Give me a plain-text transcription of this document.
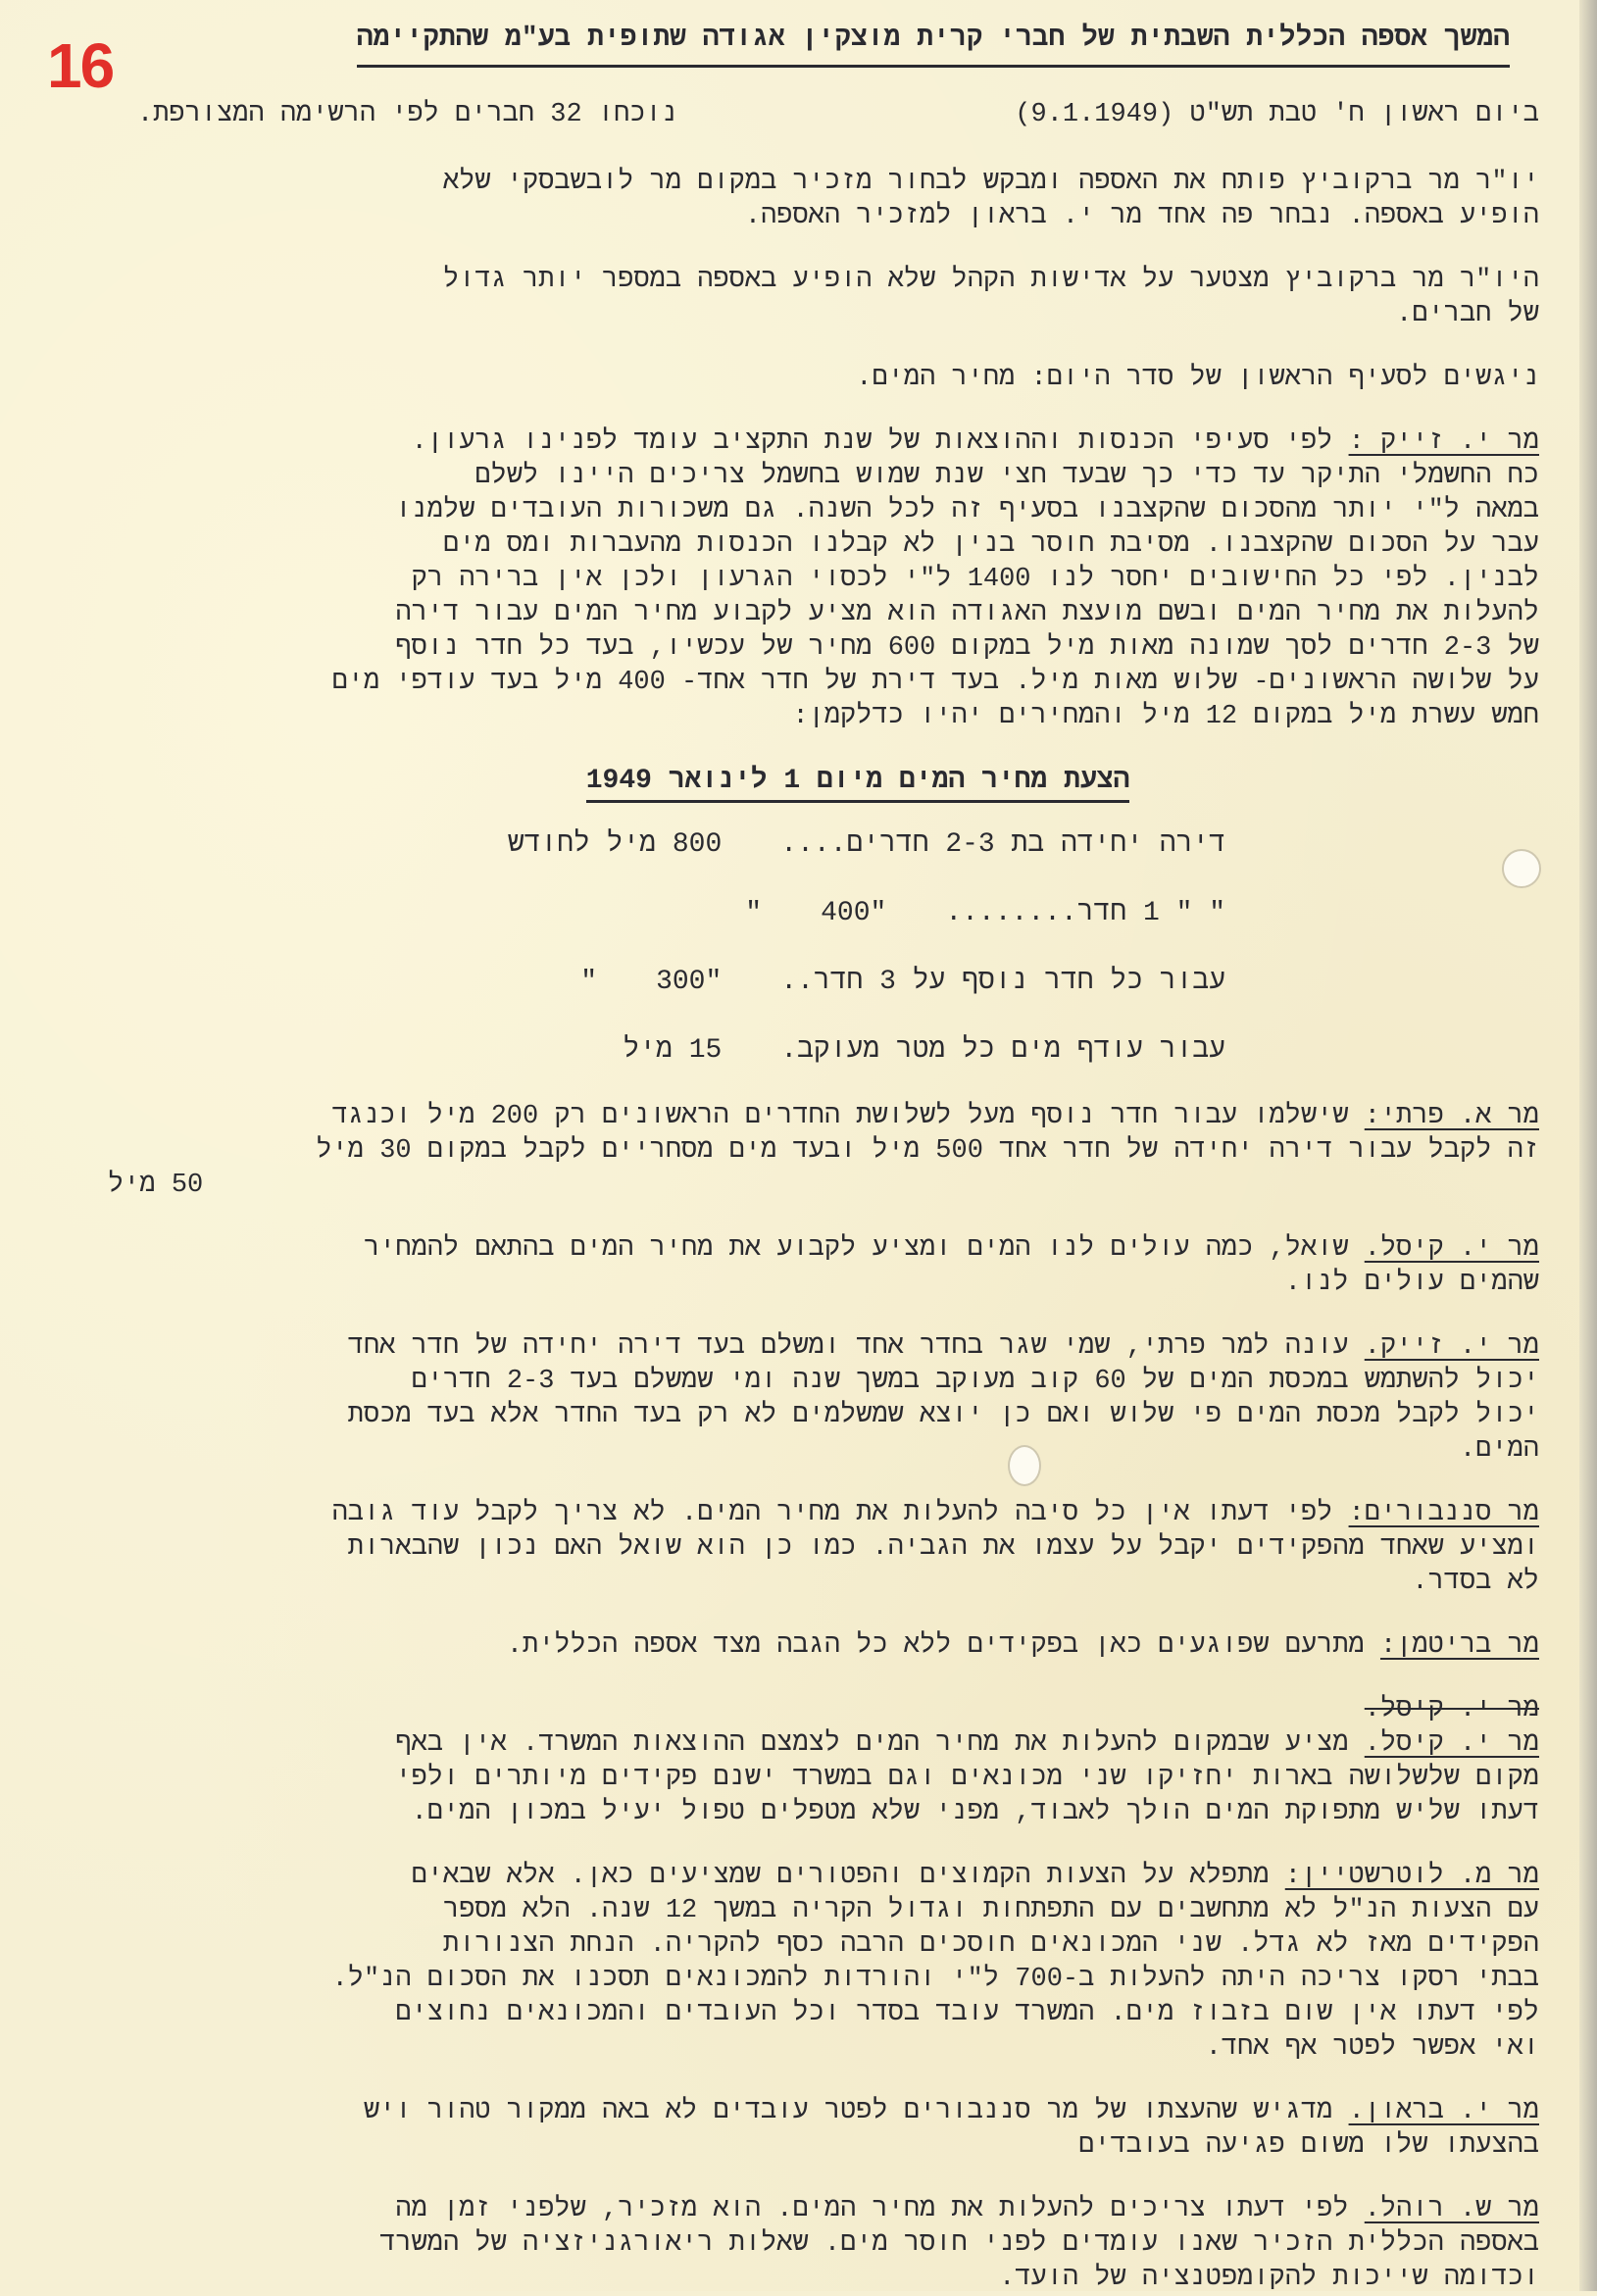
16	המשך אספה הכללית השבתית של חברי קרית מוצקין אגודה שתופית בע"מ שהתקיימה
ביום ראשון ח' טבת תש"ט (9.1.1949)
נוכחו 32 חברים לפי הרשימה המצורפת.

יו"ר מר ברקוביץ פותח את האספה ומבקש לבחור מזכיר במקום מר לובשבסקי שלא

הופיע באספה. נבחר פה אחד מר י. בראון למזכיר האספה.

היו"ר מר ברקוביץ מצטער על אדישות הקהל שלא הופיע באספה במספר יותר גדול

של חברים.

ניגשים לסעיף הראשון של סדר היום: מחיר המים.

מר י. זייק : לפי סעיפי הכנסות וההוצאות של שנת התקציב עומד לפנינו גרעון.

כח החשמלי התיקר עד כדי כך שבעד חצי שנת שמוש בחשמל צריכים היינו לשלם

במאה ל"י יותר מהסכום שהקצבנו בסעיף זה לכל השנה. גם משכורות העובדים שלמנו

עבר על הסכום שהקצבנו. מסיבת חוסר בנין לא קבלנו הכנסות מהעברות ומס מים

לבנין. לפי כל החישובים יחסר לנו 1400 ל"י לכסוי הגרעון ולכן אין ברירה רק

להעלות את מחיר המים ובשם מועצת האגודה הוא מציע לקבוע מחיר המים עבור דירה

של 2-3 חדרים לסך שמונה מאות מיל במקום 600 מחיר של עכשיו, בעד כל חדר נוסף

על שלושה הראשונים- שלוש מאות מיל. בעד דירת של חדר אחד- 400 מיל בעד עודפי מים

חמש עשרת מיל במקום 12 מיל והמחירים יהיו כדלקמן:

הצעת מחיר המים מיום 1 לינואר 1949
דירה יחידה בת 2-3 חדרים....
800 מיל לחודש
" " 1 חדר........
"400
"
עבור כל חדר נוסף על 3 חדר..
"300
"
עבור עודף מים כל מטר מעוקב.
15 מיל

מר א. פרתי: שישלמו עבור חדר נוסף מעל לשלושת החדרים הראשונים רק 200 מיל וכנגד

זה לקבל עבור דירה יחידה של חדר אחד 500 מיל ובעד מים מסחריים לקבל במקום 30 מיל

50 מיל

מר י. קיסל. שואל, כמה עולים לנו המים ומציע לקבוע את מחיר המים בהתאם להמחיר

שהמים עולים לנו.

מר י. זייק. עונה למר פרתי, שמי שגר בחדר אחד ומשלם בעד דירה יחידה של חדר אחד

יכול להשתמש במכסת המים של 60 קוב מעוקב במשך שנה ומי שמשלם בעד 2-3 חדרים

יכול לקבל מכסת המים פי שלוש ואם כן יוצא שמשלמים לא רק בעד החדר אלא בעד מכסת

המים.

מר סננבורים: לפי דעתו אין כל סיבה להעלות את מחיר המים. לא צריך לקבל עוד גובה

ומציע שאחד מהפקידים יקבל על עצמו את הגביה. כמו כן הוא שואל האם נכון שהבארות

לא בסדר.

מר בריטמן: מתרעם שפוגעים כאן בפקידים ללא כל הגבה מצד אספה הכללית.

מר י. קיסל.

מר י. קיסל. מציע שבמקום להעלות את מחיר המים לצמצם ההוצאות המשרד. אין באף

מקום שלשלושה בארות יחזיקו שני מכונאים וגם במשרד ישנם פקידים מיותרים ולפי

דעתו שליש מתפוקת המים הולך לאבוד, מפני שלא מטפלים טפול יעיל במכון המים.

מר מ. לוטרשטיין: מתפלא על הצעות הקמוצים והפטורים שמציעים כאן. אלא שבאים

עם הצעות הנ"ל לא מתחשבים עם התפתחות וגדול הקריה במשך 12 שנה. הלא מספר

הפקידים מאז לא גדל. שני המכונאים חוסכים הרבה כסף להקריה. הנחת הצנורות

בבתי רסקו צריכה היתה להעלות ב-700 ל"י והורדות להמכונאים תסכנו את הסכום הנ"ל.

לפי דעתו אין שום בזבוז מים. המשרד עובד בסדר וכל העובדים והמכונאים נחוצים

ואי אפשר לפטר אף אחד.

מר י. בראון. מדגיש שהעצתו של מר סננבורים לפטר עובדים לא באה ממקור טהור ויש

בהצעתו שלו משום פגיעה בעובדים

מר ש. רוהל. לפי דעתו צריכים להעלות את מחיר המים. הוא מזכיר, שלפני זמן מה

באספה הכללית הזכיר שאנו עומדים לפני חוסר מים. שאלות ריאורגניזציה של המשרד

וכדומה שייכות להקומפטנציה של הועד.
